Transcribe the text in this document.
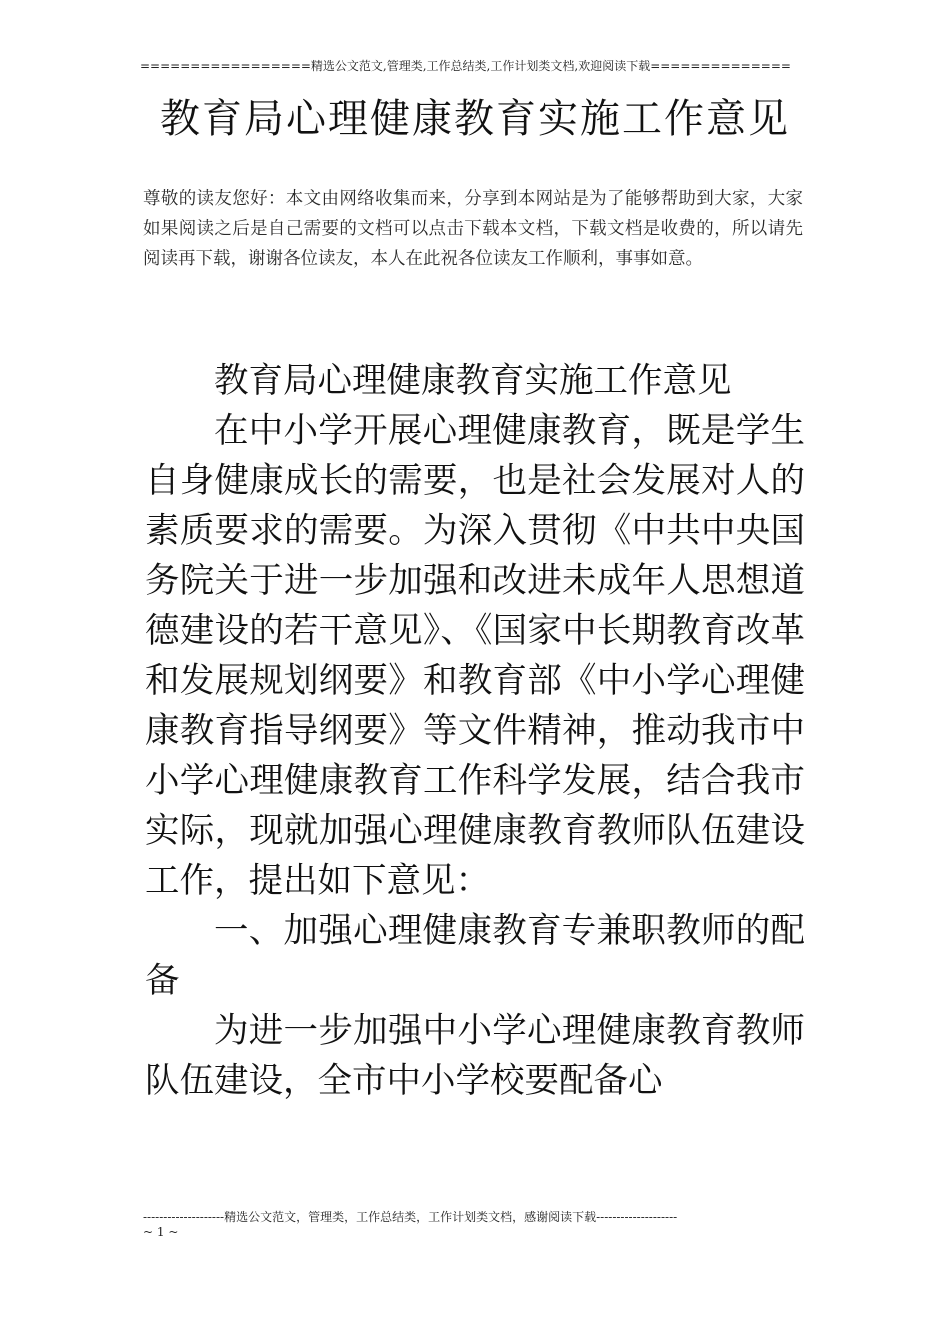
=================精选公文范文,管理类,工作总结类,工作计划类文档,欢迎阅读下载==============
教育局心理健康教育实施工作意见
尊敬的读友您好：本文由网络收集而来，分享到本网站是为了能够帮助到大家，大家如果阅读之后是自己需要的文档可以点击下载本文档，下载文档是收费的，所以请先阅读再下载，谢谢各位读友，本人在此祝各位读友工作顺利，事事如意。

教育局心理健康教育实施工作意见

在中小学开展心理健康教育，既是学生自身健康成长的需要，也是社会发展对人的素质要求的需要。为深入贯彻《中共中央国务院关于进一步加强和改进未成年人思想道德建设的若干意见》、《国家中长期教育改革和发展规划纲要》和教育部《中小学心理健康教育指导纲要》等文件精神，推动我市中小学心理健康教育工作科学发展，结合我市实际，现就加强心理健康教育教师队伍建设工作，提出如下意见：

一、加强心理健康教育专兼职教师的配备

为进一步加强中小学心理健康教育教师队伍建设，全市中小学校要配备心

--------------------精选公文范文，管理类，工作总结类，工作计划类文档，感谢阅读下载--------------------
~ 1 ~
